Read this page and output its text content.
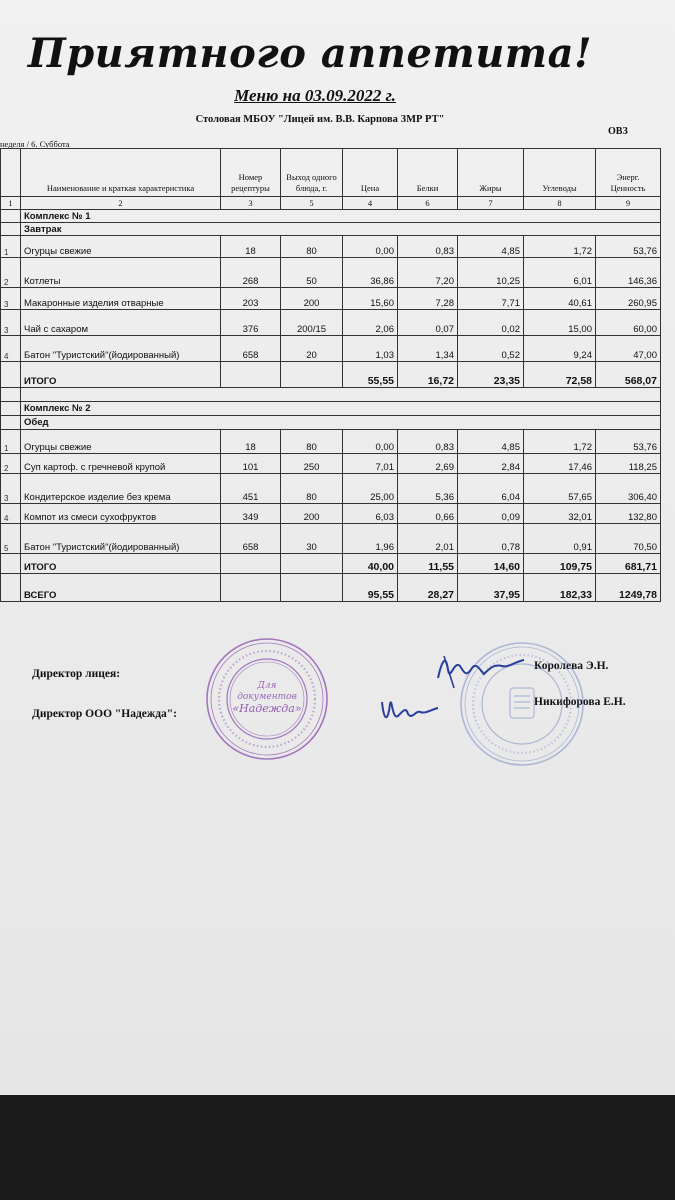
Приятного аппетита!
Меню на 03.09.2022 г.
Столовая МБОУ "Лицей им. В.В. Карпова ЗМР РТ"
ОВЗ
неделя / 6. Суббота
	Наименование и краткая характеристика	Номер рецептуры	Выход одного блюда, г.	Цена	Белки	Жиры	Углеводы	Энерг. Ценность
1	2	3	5	4	6	7	8	9
	Комплекс № 1							
	Завтрак							
1	Огурцы свежие	18	80	0,00	0,83	4,85	1,72	53,76
2	Котлеты	268	50	36,86	7,20	10,25	6,01	146,36
3	Макаронные изделия отварные	203	200	15,60	7,28	7,71	40,61	260,95
3	Чай с сахаром	376	200/15	2,06	0,07	0,02	15,00	60,00
4	Батон "Туристский"(йодированный)	658	20	1,03	1,34	0,52	9,24	47,00
	ИТОГО			55,55	16,72	23,35	72,58	568,07

	Комплекс № 2							
	Обед							
1	Огурцы свежие	18	80	0,00	0,83	4,85	1,72	53,76
2	Суп картоф. с гречневой крупой	101	250	7,01	2,69	2,84	17,46	118,25
3	Кондитерское изделие без крема	451	80	25,00	5,36	6,04	57,65	306,40
4	Компот из смеси сухофруктов	349	200	6,03	0,66	0,09	32,01	132,80
5	Батон "Туристский"(йодированный)	658	30	1,96	2,01	0,78	0,91	70,50
	ИТОГО			40,00	11,55	14,60	109,75	681,71
	ВСЕГО			95,55	28,27	37,95	182,33	1249,78
Директор лицея:
Директор ООО "Надежда":
Королева Э.Н.
Никифорова Е.Н.
Для
документов
«Надежда»
